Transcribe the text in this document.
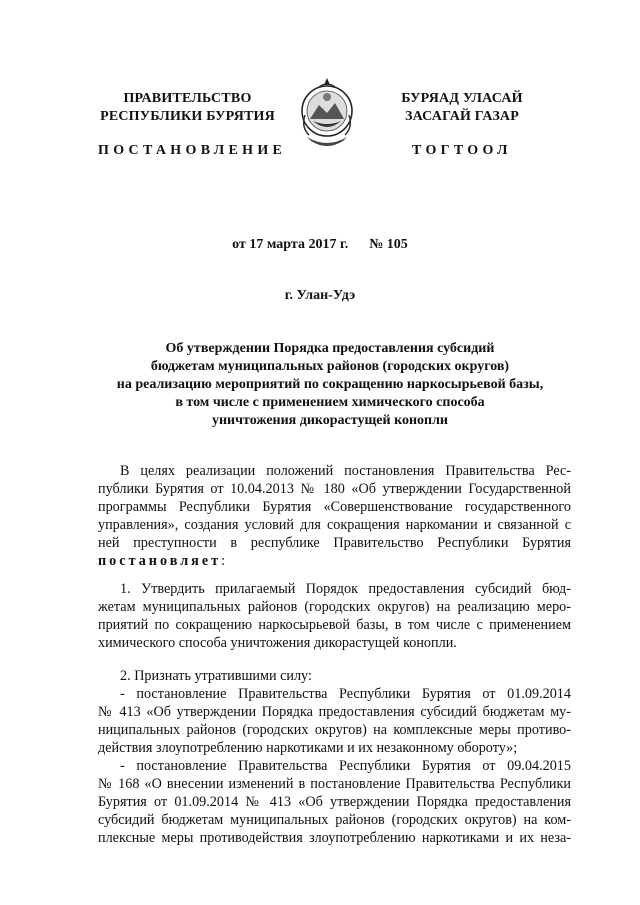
ПРАВИТЕЛЬСТВО
РЕСПУБЛИКИ БУРЯТИЯ
БУРЯАД УЛАСАЙ
ЗАСАГАЙ ГАЗАР
ПОСТАНОВЛЕНИЕ	ТОГТООЛ
от 17 марта 2017 г. № 105
г. Улан-Удэ
Об утверждении Порядка предоставления субсидий
бюджетам муниципальных районов (городских округов)
на реализацию мероприятий по сокращению наркосырьевой базы,
в том числе с применением химического способа
уничтожения дикорастущей конопли
В целях реализации положений постановления Правительства Рес-
публики Бурятия от 10.04.2013 № 180 «Об утверждении Государственной
программы Республики Бурятия «Совершенствование государственного
управления», создания условий для сокращения наркомании и связанной с
ней преступности в республике Правительство Республики Бурятия
постановляет:
1. Утвердить прилагаемый Порядок предоставления субсидий бюд-
жетам муниципальных районов (городских округов) на реализацию меро-
приятий по сокращению наркосырьевой базы, в том числе с применением
химического способа уничтожения дикорастущей конопли.
2. Признать утратившими силу:
- постановление Правительства Республики Бурятия от 01.09.2014
№ 413 «Об утверждении Порядка предоставления субсидий бюджетам му-
ниципальных районов (городских округов) на комплексные меры противо-
действия злоупотреблению наркотиками и их незаконному обороту»;
- постановление Правительства Республики Бурятия от 09.04.2015
№ 168 «О внесении изменений в постановление Правительства Республики
Бурятия от 01.09.2014 № 413 «Об утверждении Порядка предоставления
субсидий бюджетам муниципальных районов (городских округов) на ком-
плексные меры противодействия злоупотреблению наркотиками и их неза-
